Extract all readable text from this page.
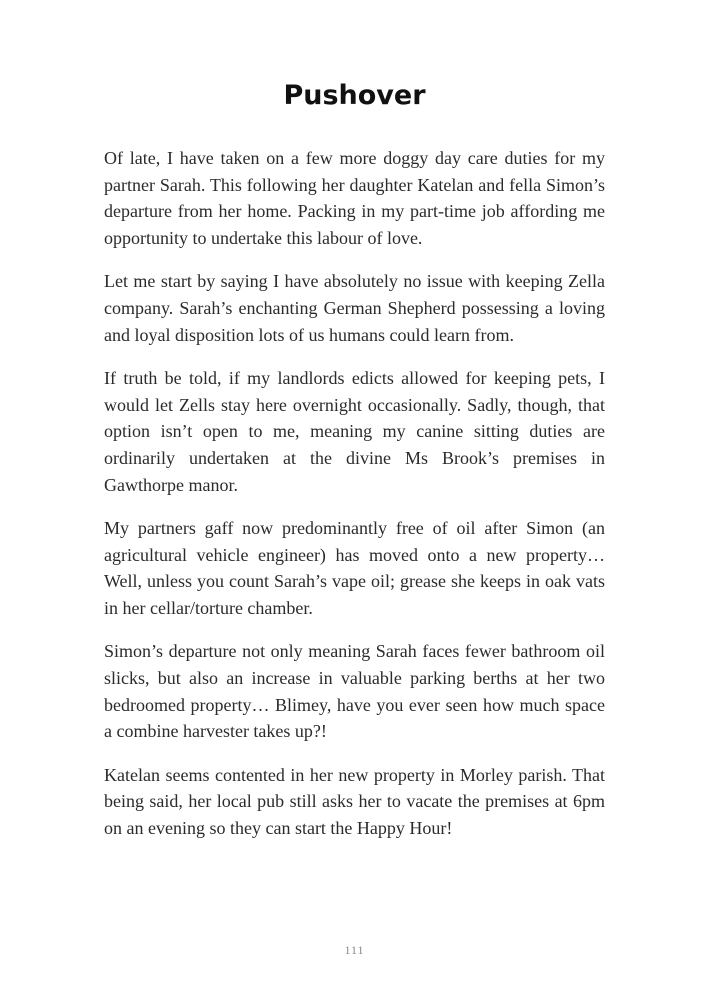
Pushover

Of late, I have taken on a few more doggy day care duties for my partner Sarah. This following her daughter Katelan and fella Simon’s departure from her home. Packing in my part-time job affording me opportunity to undertake this labour of love.

Let me start by saying I have absolutely no issue with keeping Zella company. Sarah’s enchanting German Shepherd possessing a loving and loyal disposition lots of us humans could learn from.

If truth be told, if my landlords edicts allowed for keeping pets, I would let Zells stay here overnight occasionally. Sadly, though, that option isn’t open to me, meaning my canine sitting duties are ordinarily undertaken at the divine Ms Brook’s premises in Gawthorpe manor.

My partners gaff now predominantly free of oil after Simon (an agricultural vehicle engineer) has moved onto a new property… Well, unless you count Sarah’s vape oil; grease she keeps in oak vats in her cellar/torture chamber.

Simon’s departure not only meaning Sarah faces fewer bathroom oil slicks, but also an increase in valuable parking berths at her two bedroomed property… Blimey, have you ever seen how much space a combine harvester takes up?!

Katelan seems contented in her new property in Morley parish. That being said, her local pub still asks her to vacate the premises at 6pm on an evening so they can start the Happy Hour!

111
